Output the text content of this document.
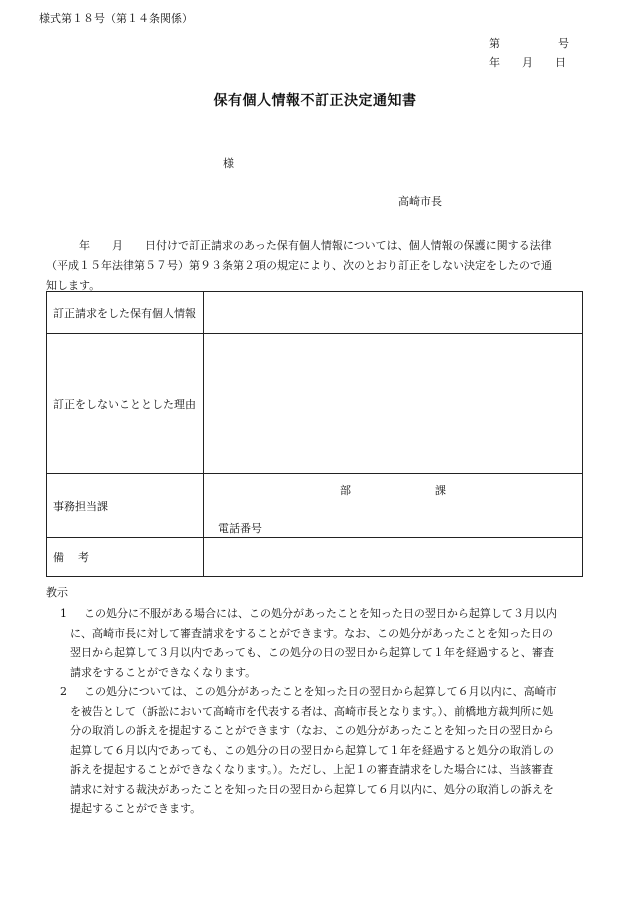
様式第１８号（第１４条関係）
第	号
年 月 日
保有個人情報不訂正決定通知書
様
高崎市長
　　　年　　月　　日付けで訂正請求のあった保有個人情報については、個人情報の保護に関する法律
（平成１５年法律第５７号）第９３条第２項の規定により、次のとおり訂正をしない決定をしたので通
知します。
訂正請求をした保有個人情報	
訂正をしないこととした理由	
事務担当課	部 課
電話番号

備 考	
教示
1	この処分に不服がある場合には、この処分があったことを知った日の翌日から起算して３月以内
に、高崎市長に対して審査請求をすることができます。なお、この処分があったことを知った日の
翌日から起算して３月以内であっても、この処分の日の翌日から起算して１年を経過すると、審査
請求をすることができなくなります。
2	この処分については、この処分があったことを知った日の翌日から起算して６月以内に、高崎市
を被告として（訴訟において高崎市を代表する者は、高崎市長となります。）、前橋地方裁判所に処
分の取消しの訴えを提起することができます（なお、この処分があったことを知った日の翌日から
起算して６月以内であっても、この処分の日の翌日から起算して１年を経過すると処分の取消しの
訴えを提起することができなくなります。）。ただし、上記１の審査請求をした場合には、当該審査
請求に対する裁決があったことを知った日の翌日から起算して６月以内に、処分の取消しの訴えを
提起することができます。
